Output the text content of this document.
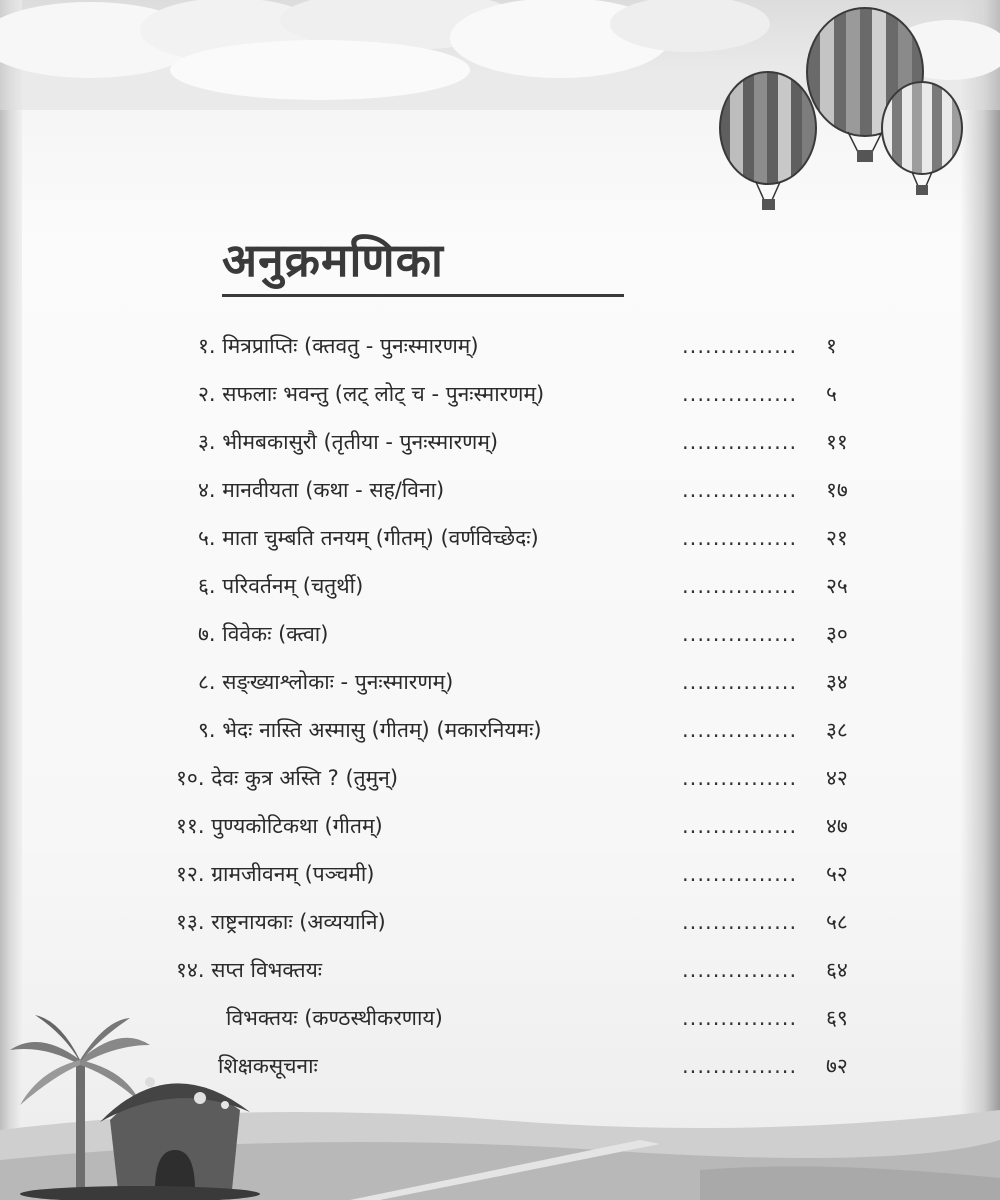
अनुक्रमणिका
१. मित्रप्राप्तिः (क्तवतु - पुनःस्मारणम्)	............... १
२. सफलाः भवन्तु (लट् लोट् च - पुनःस्मारणम्)	............... ५
३. भीमबकासुरौ (तृतीया - पुनःस्मारणम्)	............... ११
४. मानवीयता (कथा - सह/विना)	............... १७
५. माता चुम्बति तनयम् (गीतम्) (वर्णविच्छेदः)	............... २१
६. परिवर्तनम् (चतुर्थी)	............... २५
७. विवेकः (क्त्वा)	............... ३०
८. सङ्ख्याश्लोकाः - पुनःस्मारणम्)	............... ३४
९. भेदः नास्ति अस्मासु (गीतम्) (मकारनियमः)	............... ३८
१०. देवः कुत्र अस्ति ? (तुमुन्)	............... ४२
११. पुण्यकोटिकथा (गीतम्)	............... ४७
१२. ग्रामजीवनम् (पञ्चमी)	............... ५२
१३. राष्ट्रनायकाः (अव्ययानि)	............... ५८
१४. सप्त विभक्तयः	............... ६४
विभक्तयः (कण्ठस्थीकरणाय)	............... ६९
शिक्षकसूचनाः	............... ७२
